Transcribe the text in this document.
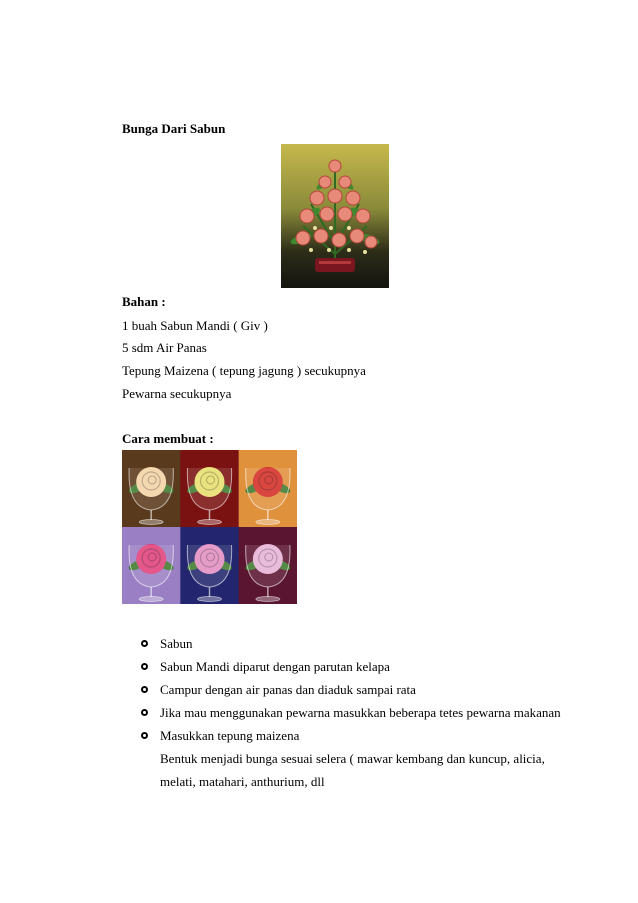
Bunga Dari Sabun
Bahan :
1 buah Sabun Mandi ( Giv )
5 sdm Air Panas
Tepung Maizena ( tepung jagung ) secukupnya
Pewarna secukupnya
Cara membuat :
Sabun
Sabun Mandi diparut dengan parutan kelapa
Campur dengan air panas dan diaduk sampai rata
Jika mau menggunakan pewarna masukkan beberapa tetes pewarna makanan
Masukkan tepung maizena
Bentuk menjadi bunga sesuai selera ( mawar kembang dan kuncup, alicia, melati, matahari, anthurium, dll
